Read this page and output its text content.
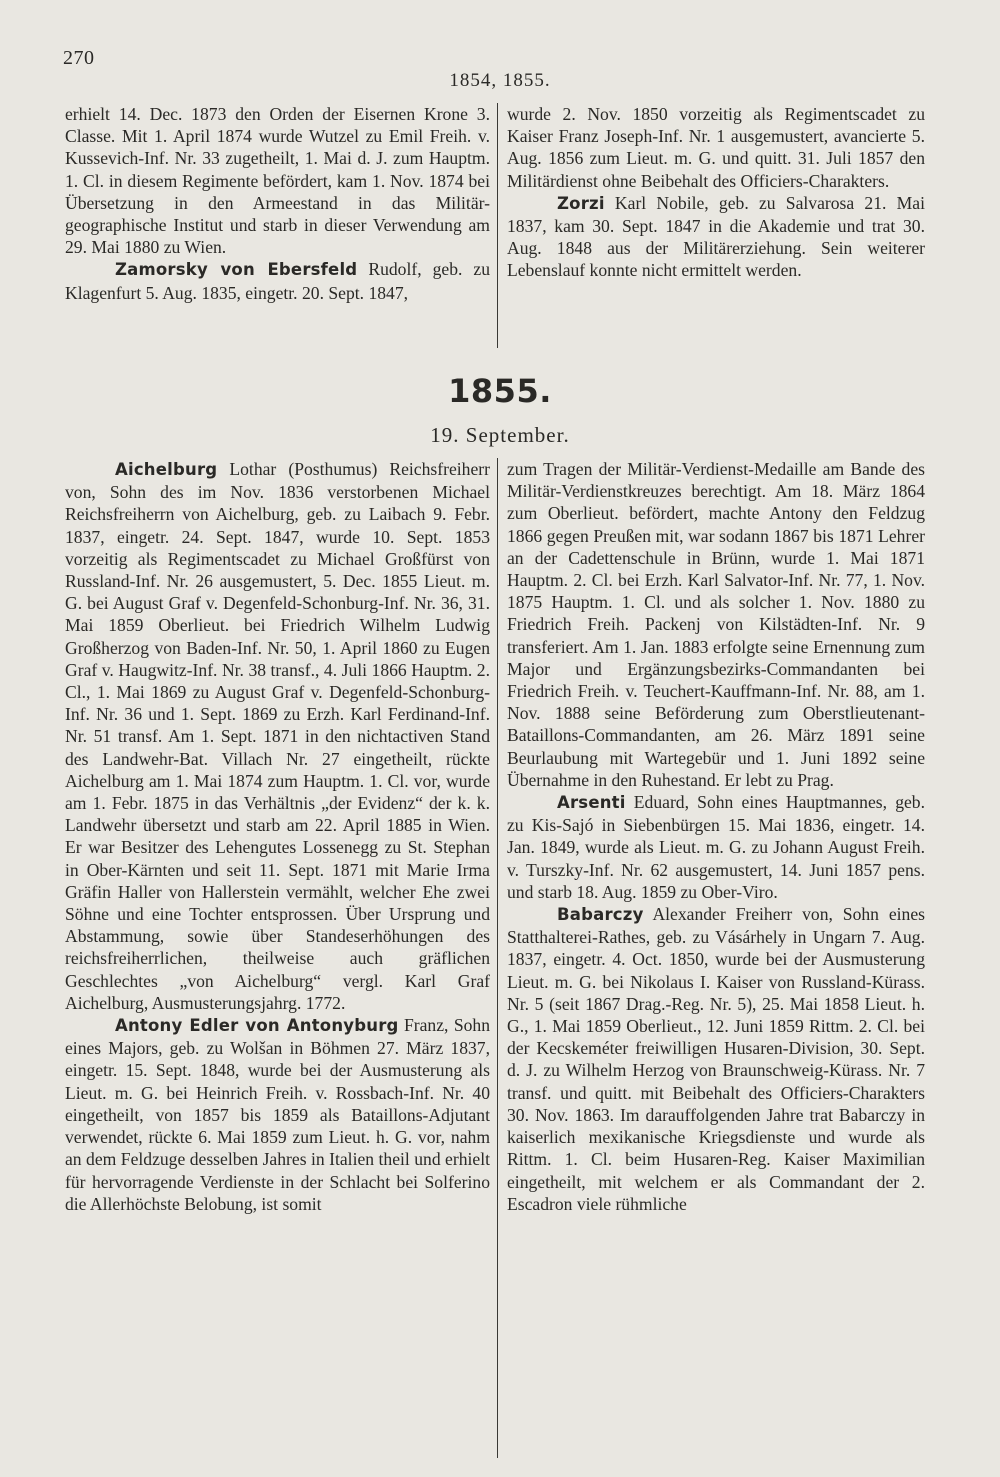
270
1854, 1855.

erhielt 14. Dec. 1873 den Orden der Eisernen Krone 3. Classe. Mit 1. April 1874 wurde Wutzel zu Emil Freih. v. Kussevich-Inf. Nr. 33 zugetheilt, 1. Mai d. J. zum Hauptm. 1. Cl. in diesem Regimente befördert, kam 1. Nov. 1874 bei Übersetzung in den Armeestand in das Militär-geographische Institut und starb in dieser Verwendung am 29. Mai 1880 zu Wien.

Zamorsky von Ebersfeld Rudolf, geb. zu Klagenfurt 5. Aug. 1835, eingetr. 20. Sept. 1847,

wurde 2. Nov. 1850 vorzeitig als Regimentscadet zu Kaiser Franz Joseph-Inf. Nr. 1 ausgemustert, avancierte 5. Aug. 1856 zum Lieut. m. G. und quitt. 31. Juli 1857 den Militärdienst ohne Beibehalt des Officiers-Charakters.

Zorzi Karl Nobile, geb. zu Salvarosa 21. Mai 1837, kam 30. Sept. 1847 in die Akademie und trat 30. Aug. 1848 aus der Militärerziehung. Sein weiterer Lebenslauf konnte nicht ermittelt werden.

1855.
19. September.

Aichelburg Lothar (Posthumus) Reichsfreiherr von, Sohn des im Nov. 1836 verstorbenen Michael Reichsfreiherrn von Aichelburg, geb. zu Laibach 9. Febr. 1837, eingetr. 24. Sept. 1847, wurde 10. Sept. 1853 vorzeitig als Regimentscadet zu Michael Großfürst von Russland-Inf. Nr. 26 ausgemustert, 5. Dec. 1855 Lieut. m. G. bei August Graf v. Degenfeld-Schonburg-Inf. Nr. 36, 31. Mai 1859 Oberlieut. bei Friedrich Wilhelm Ludwig Großherzog von Baden-Inf. Nr. 50, 1. April 1860 zu Eugen Graf v. Haugwitz-Inf. Nr. 38 transf., 4. Juli 1866 Hauptm. 2. Cl., 1. Mai 1869 zu August Graf v. Degenfeld-Schonburg-Inf. Nr. 36 und 1. Sept. 1869 zu Erzh. Karl Ferdinand-Inf. Nr. 51 transf. Am 1. Sept. 1871 in den nichtactiven Stand des Landwehr-Bat. Villach Nr. 27 eingetheilt, rückte Aichelburg am 1. Mai 1874 zum Hauptm. 1. Cl. vor, wurde am 1. Febr. 1875 in das Verhältnis „der Evidenz“ der k. k. Landwehr übersetzt und starb am 22. April 1885 in Wien. Er war Besitzer des Lehengutes Lossenegg zu St. Stephan in Ober-Kärnten und seit 11. Sept. 1871 mit Marie Irma Gräfin Haller von Hallerstein vermählt, welcher Ehe zwei Söhne und eine Tochter entsprossen. Über Ursprung und Abstammung, sowie über Standeserhöhungen des reichsfreiherrlichen, theilweise auch gräflichen Geschlechtes „von Aichelburg“ vergl. Karl Graf Aichelburg, Ausmusterungsjahrg. 1772.

Antony Edler von Antonyburg Franz, Sohn eines Majors, geb. zu Wolšan in Böhmen 27. März 1837, eingetr. 15. Sept. 1848, wurde bei der Ausmusterung als Lieut. m. G. bei Heinrich Freih. v. Rossbach-Inf. Nr. 40 eingetheilt, von 1857 bis 1859 als Bataillons-Adjutant verwendet, rückte 6. Mai 1859 zum Lieut. h. G. vor, nahm an dem Feldzuge desselben Jahres in Italien theil und erhielt für hervorragende Verdienste in der Schlacht bei Solferino die Allerhöchste Belobung, ist somit

zum Tragen der Militär-Verdienst-Medaille am Bande des Militär-Verdienstkreuzes berechtigt. Am 18. März 1864 zum Oberlieut. befördert, machte Antony den Feldzug 1866 gegen Preußen mit, war sodann 1867 bis 1871 Lehrer an der Cadettenschule in Brünn, wurde 1. Mai 1871 Hauptm. 2. Cl. bei Erzh. Karl Salvator-Inf. Nr. 77, 1. Nov. 1875 Hauptm. 1. Cl. und als solcher 1. Nov. 1880 zu Friedrich Freih. Packenj von Kilstädten-Inf. Nr. 9 transferiert. Am 1. Jan. 1883 erfolgte seine Ernennung zum Major und Ergänzungsbezirks-Commandanten bei Friedrich Freih. v. Teuchert-Kauffmann-Inf. Nr. 88, am 1. Nov. 1888 seine Beförderung zum Oberstlieutenant-Bataillons-Commandanten, am 26. März 1891 seine Beurlaubung mit Wartegebür und 1. Juni 1892 seine Übernahme in den Ruhestand. Er lebt zu Prag.

Arsenti Eduard, Sohn eines Hauptmannes, geb. zu Kis-Sajó in Siebenbürgen 15. Mai 1836, eingetr. 14. Jan. 1849, wurde als Lieut. m. G. zu Johann August Freih. v. Turszky-Inf. Nr. 62 ausgemustert, 14. Juni 1857 pens. und starb 18. Aug. 1859 zu Ober-Viro.

Babarczy Alexander Freiherr von, Sohn eines Statthalterei-Rathes, geb. zu Vásárhely in Ungarn 7. Aug. 1837, eingetr. 4. Oct. 1850, wurde bei der Ausmusterung Lieut. m. G. bei Nikolaus I. Kaiser von Russland-Kürass. Nr. 5 (seit 1867 Drag.-Reg. Nr. 5), 25. Mai 1858 Lieut. h. G., 1. Mai 1859 Oberlieut., 12. Juni 1859 Rittm. 2. Cl. bei der Kecskeméter freiwilligen Husaren-Division, 30. Sept. d. J. zu Wilhelm Herzog von Braunschweig-Kürass. Nr. 7 transf. und quitt. mit Beibehalt des Officiers-Charakters 30. Nov. 1863. Im darauffolgenden Jahre trat Babarczy in kaiserlich mexikanische Kriegsdienste und wurde als Rittm. 1. Cl. beim Husaren-Reg. Kaiser Maximilian eingetheilt, mit welchem er als Commandant der 2. Escadron viele rühmliche
